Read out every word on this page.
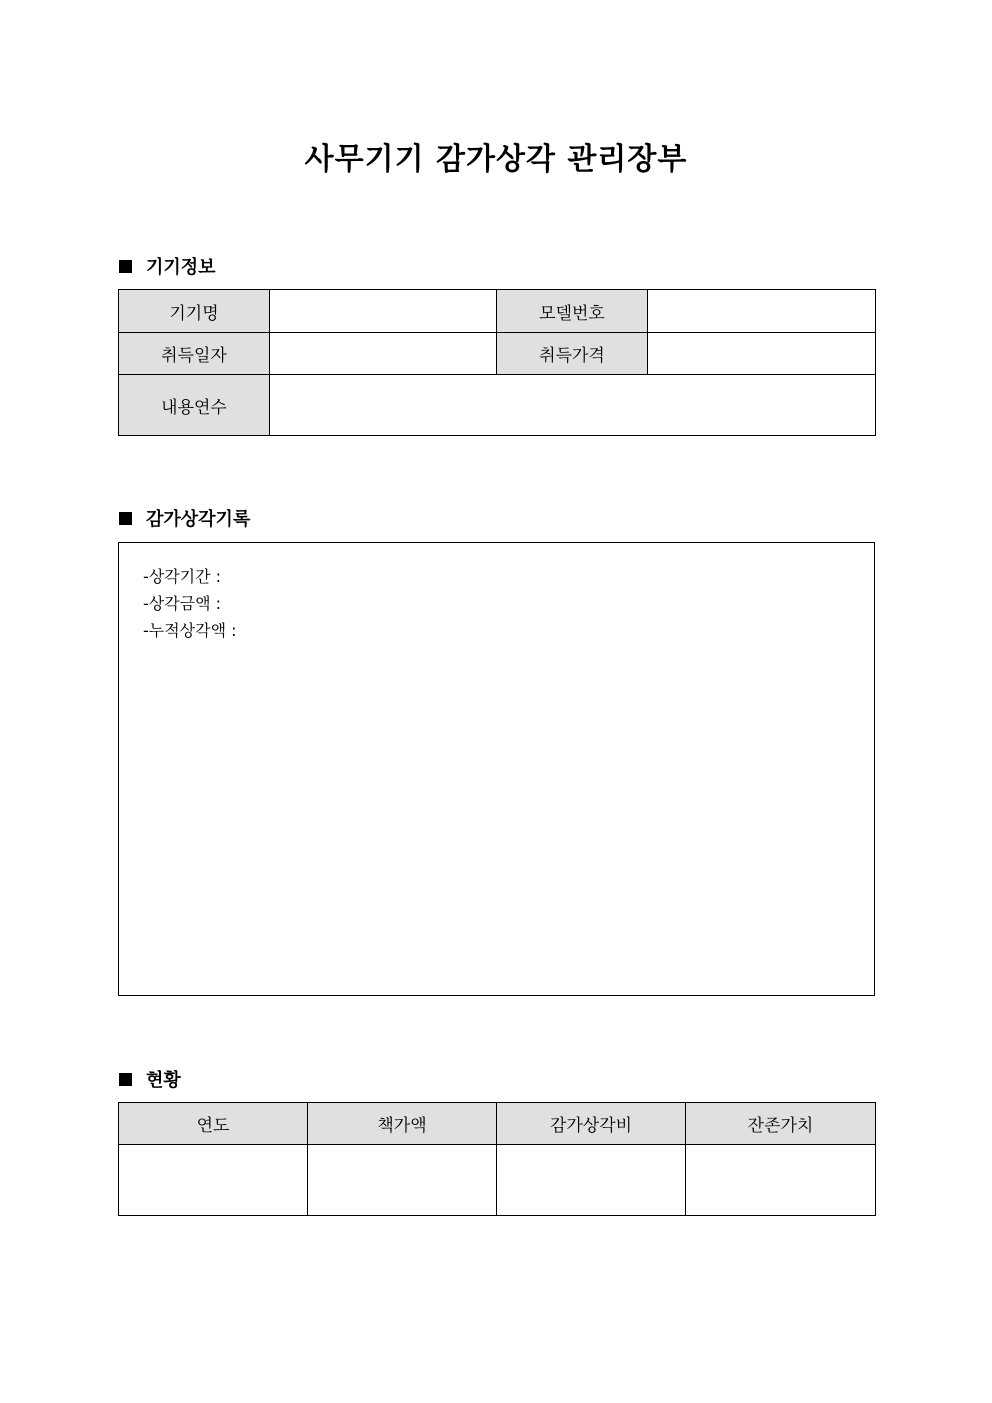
사무기기 감가상각 관리장부
기기정보
기기명		모델번호	
취득일자		취득가격	
내용연수			
감가상각기록
-상각기간 :
-상각금액 :
-누적상각액 :
현황
연도	책가액	감가상각비	잔존가치
